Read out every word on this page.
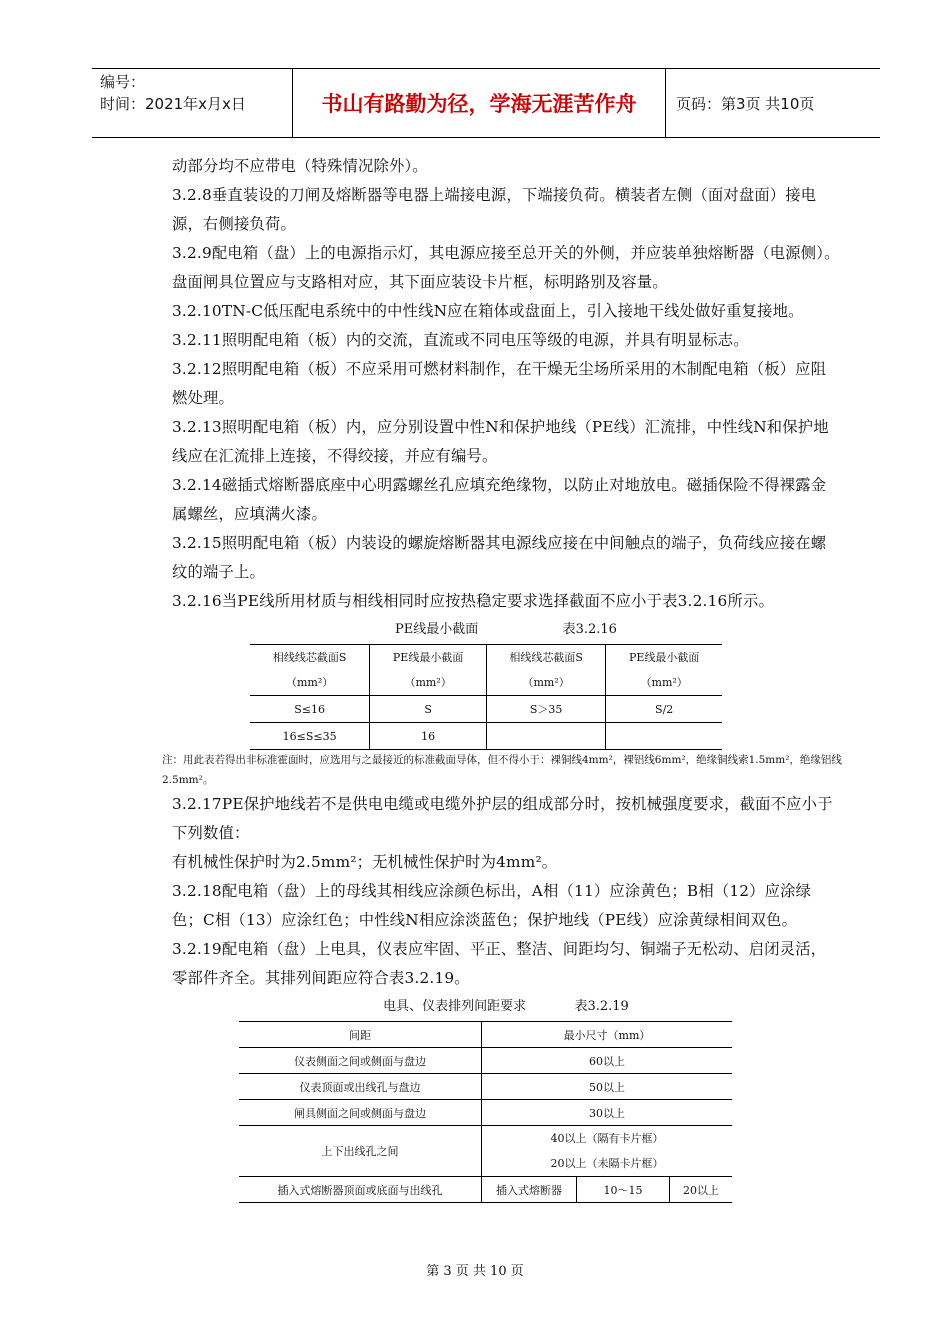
编号：
时间：2021年x月x日	书山有路勤为径，学海无涯苦作舟	页码：第3页 共10页

动部分均不应带电（特殊情况除外）。

3.2.8垂直装设的刀闸及熔断器等电器上端接电源，下端接负荷。横装者左侧（面对盘面）接电源，右侧接负荷。

3.2.9配电箱（盘）上的电源指示灯，其电源应接至总开关的外侧，并应装单独熔断器（电源侧）。盘面闸具位置应与支路相对应，其下面应装设卡片框，标明路别及容量。

3.2.10TN-C低压配电系统中的中性线N应在箱体或盘面上，引入接地干线处做好重复接地。

3.2.11照明配电箱（板）内的交流，直流或不同电压等级的电源，并具有明显标志。

3.2.12照明配电箱（板）不应采用可燃材料制作，在干燥无尘场所采用的木制配电箱（板）应阻燃处理。

3.2.13照明配电箱（板）内，应分别设置中性N和保护地线（PE线）汇流排，中性线N和保护地线应在汇流排上连接，不得绞接，并应有编号。

3.2.14磁插式熔断器底座中心明露螺丝孔应填充绝缘物，以防止对地放电。磁插保险不得裸露金属螺丝，应填满火漆。

3.2.15照明配电箱（板）内装设的螺旋熔断器其电源线应接在中间触点的端子，负荷线应接在螺纹的端子上。

3.2.16当PE线所用材质与相线相同时应按热稳定要求选择截面不应小于表3.2.16所示。

PE线最小截面	表3.2.16
相线线芯截面S（mm²）	PE线最小截面（mm²）	相线线芯截面S（mm²）	PE线最小截面（mm²）
S≤16	S	S＞35	S/2
16≤S≤35	16		

注：用此表若得出非标准霍面时，应选用与之最接近的标准截面导体，但不得小于：裸铜线4mm²，裸铝线6mm²，绝缘铜线索1.5mm²，绝缘铝线2.5mm²。

3.2.17PE保护地线若不是供电电缆或电缆外护层的组成部分时，按机械强度要求，截面不应小于下列数值：

有机械性保护时为2.5mm²；无机械性保护时为4mm²。

3.2.18配电箱（盘）上的母线其相线应涂颜色标出，A相（11）应涂黄色；B相（12）应涂绿色；C相（13）应涂红色；中性线N相应涂淡蓝色；保护地线（PE线）应涂黄绿相间双色。

3.2.19配电箱（盘）上电具，仪表应牢固、平正、整洁、间距均匀、铜端子无松动、启闭灵活，零部件齐全。其排列间距应符合表3.2.19。

电具、仪表排列间距要求	表3.2.19
间距	最小尺寸（mm）		
仪表侧面之间或侧面与盘边	60以上		
仪表顶面或出线孔与盘边	50以上		
闸具侧面之间或侧面与盘边	30以上		
上下出线孔之间	40以上（隔有卡片框）
20以上（未隔卡片框）		

插入式熔断器顶面或底面与出线孔	插入式熔断器	10～15	20以上
第 3 页 共 10 页
